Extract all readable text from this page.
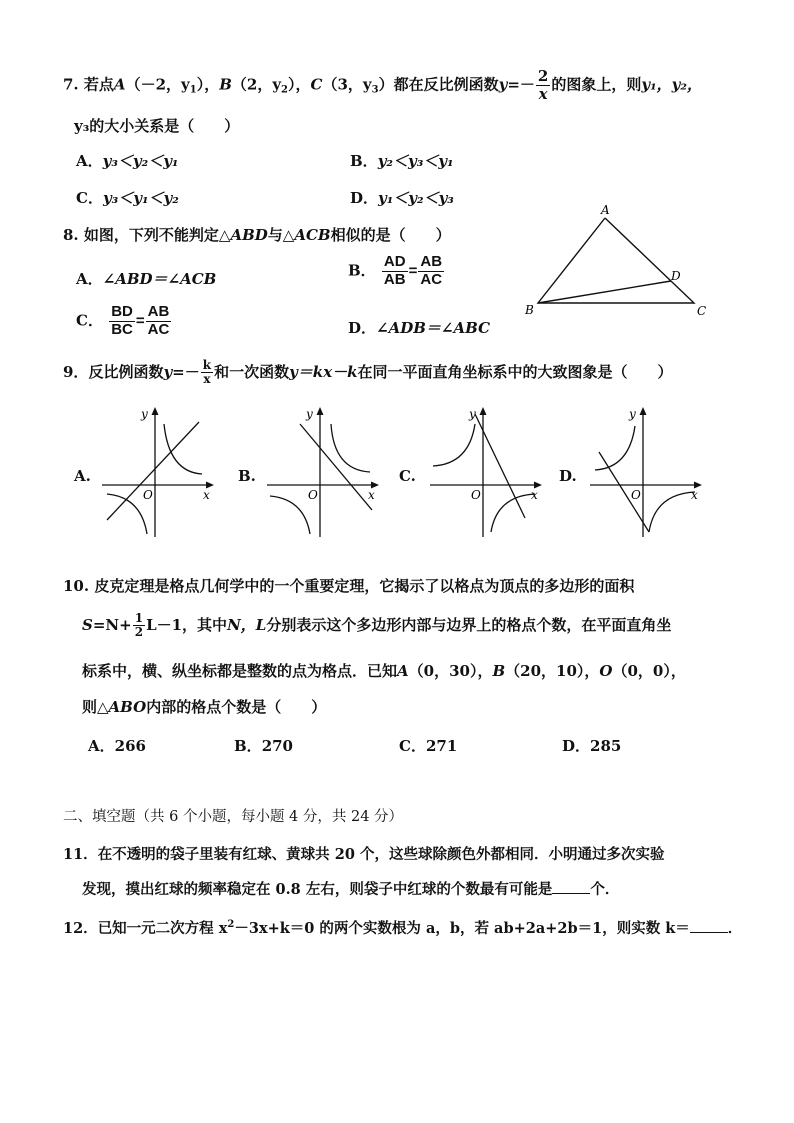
7. 若点A（－2，$y_1$），B（2，$y_2$），C（3，$y_3$）都在反比例函数$y=- \frac{2}{x}$ 的图象上，则y₁，y₂，
y₃的大小关系是（　　）
A．y₃＜y₂＜y₁	B．y₂＜y₃＜y₁
C．y₃＜y₁＜y₂	D．y₁＜y₂＜y₃
8. 如图，下列不能判定△ABD与△ACB相似的是（　　）
A．∠ABD＝∠ACB	B． $\frac{AD}{AB} = \frac{AB}{AC}$
C． $\frac{BD}{BC} = \frac{AB}{AC}$	D．∠ADB＝∠ABC
A
B	C
D
9．反比例函数$y=- \frac{k}{x}$ 和一次函数y＝kx－k在同一平面直角坐标系中的大致图象是（　　）
A.
y
x
O
B.
y
x
O
C.
y
x
O
D.
y
x
O
10. 皮克定理是格点几何学中的一个重要定理，它揭示了以格点为顶点的多边形的面积
$S=N+ \frac{1}{2} L-1$，其中N，L分别表示这个多边形内部与边界上的格点个数，在平面直角坐
标系中，横、纵坐标都是整数的点为格点．已知A（0，30），B（20，10），O（0，0），
则△ABO内部的格点个数是（　　）
A．266	B．270	C．271	D．285
二、填空题（共 6 个小题，每小题 4 分，共 24 分）
11．在不透明的袋子里装有红球、黄球共 20 个，这些球除颜色外都相同．小明通过多次实验
发现，摸出红球的频率稳定在 0.8 左右，则袋子中红球的个数最有可能是	个．
12．已知一元二次方程 $x^2-3x+k=0$ 的两个实数根为 a，b，若 ab+2a+2b＝1，则实数 k＝	．
